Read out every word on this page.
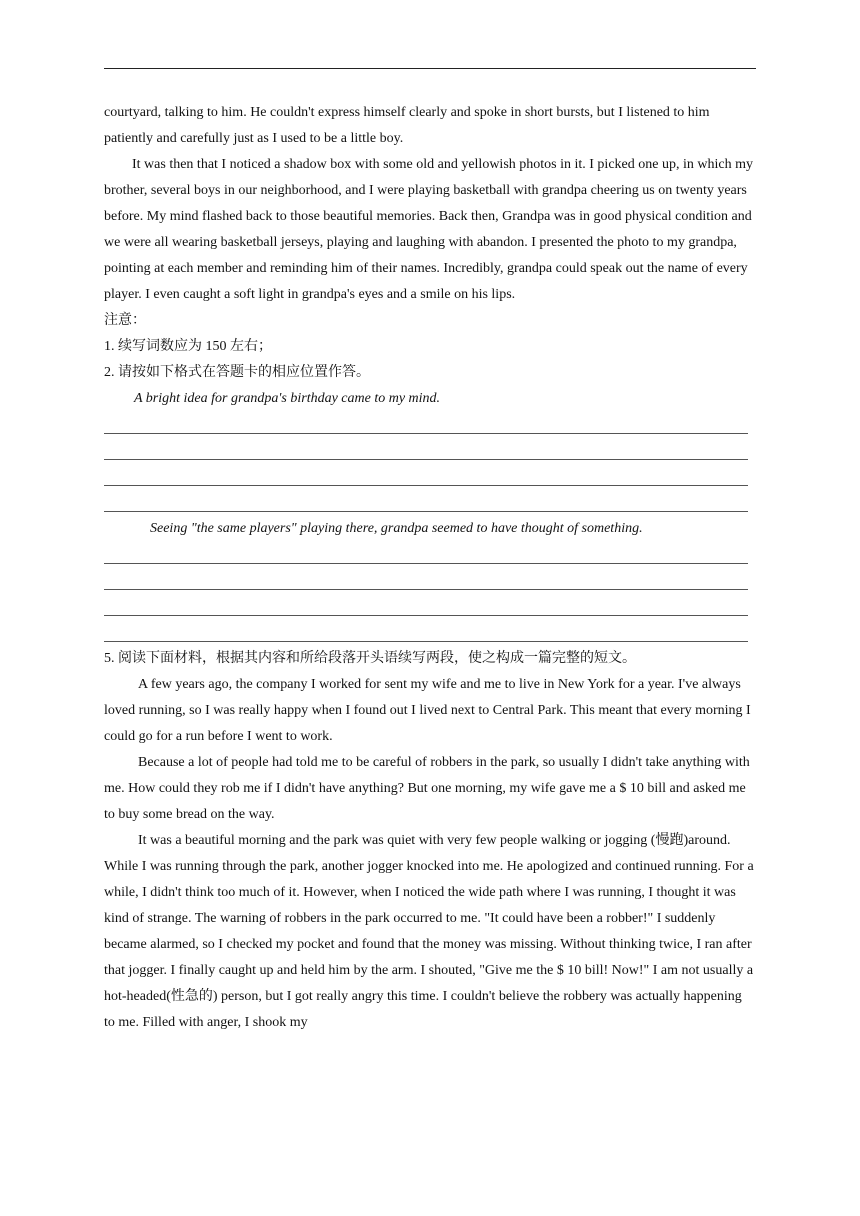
courtyard, talking to him. He couldn't express himself clearly and spoke in short bursts, but I listened to him patiently and carefully just as I used to be a little boy.

It was then that I noticed a shadow box with some old and yellowish photos in it. I picked one up, in which my brother, several boys in our neighborhood, and I were playing basketball with grandpa cheering us on twenty years before. My mind flashed back to those beautiful memories. Back then, Grandpa was in good physical condition and we were all wearing basketball jerseys, playing and laughing with abandon. I presented the photo to my grandpa, pointing at each member and reminding him of their names. Incredibly, grandpa could speak out the name of every player. I even caught a soft light in grandpa's eyes and a smile on his lips.

注意：

1. 续写词数应为 150 左右；

2. 请按如下格式在答题卡的相应位置作答。

A bright idea for grandpa's birthday came to my mind.

Seeing "the same players" playing there, grandpa seemed to have thought of something.

5. 阅读下面材料，根据其内容和所给段落开头语续写两段，使之构成一篇完整的短文。

A few years ago, the company I worked for sent my wife and me to live in New York for a year. I've always loved running, so I was really happy when I found out I lived next to Central Park. This meant that every morning I could go for a run before I went to work.

Because a lot of people had told me to be careful of robbers in the park, so usually I didn't take anything with me. How could they rob me if I didn't have anything? But one morning, my wife gave me a $ 10 bill and asked me to buy some bread on the way.

It was a beautiful morning and the park was quiet with very few people walking or jogging (慢跑)around. While I was running through the park, another jogger knocked into me. He apologized and continued running. For a while, I didn't think too much of it. However, when I noticed the wide path where I was running, I thought it was kind of strange. The warning of robbers in the park occurred to me. "It could have been a robber!" I suddenly became alarmed, so I checked my pocket and found that the money was missing. Without thinking twice, I ran after that jogger. I finally caught up and held him by the arm. I shouted, "Give me the $ 10 bill! Now!" I am not usually a hot-headed(性急的) person, but I got really angry this time. I couldn't believe the robbery was actually happening to me. Filled with anger, I shook my
